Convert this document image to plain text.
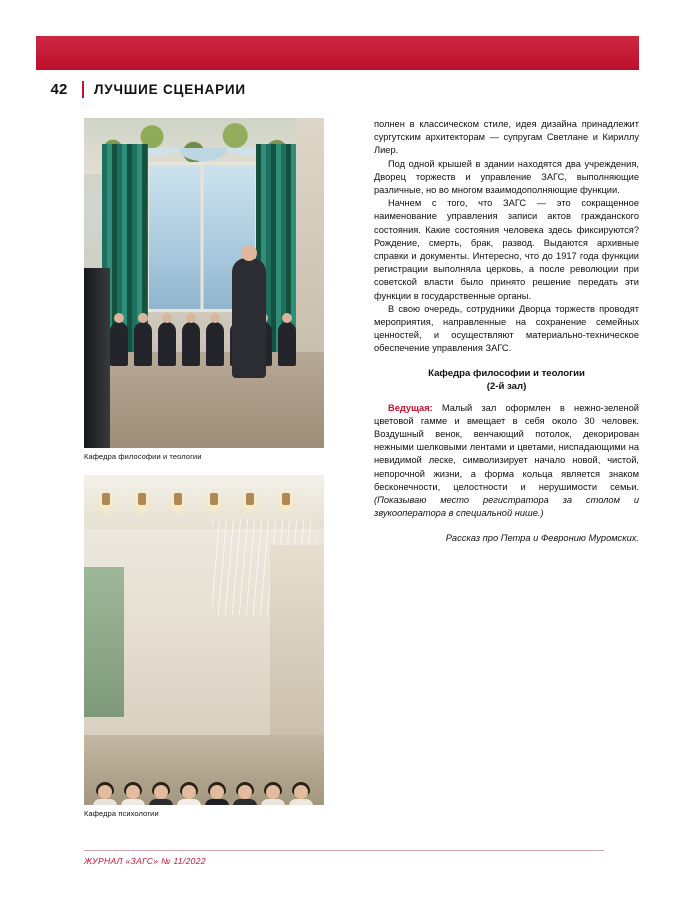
42	ЛУЧШИЕ СЦЕНАРИИ
Кафедра философии и теологии
Кафедра психологии

полнен в классическом стиле, идея дизайна принадлежит сургутским архитекторам — супругам Светлане и Кириллу Лиер.

Под одной крышей в здании находятся два учреждения, Дворец торжеств и управление ЗАГС, выполняющие различные, но во многом взаимодополняющие функции.

Начнем с того, что ЗАГС — это сокращенное наименование управления записи актов гражданского состояния. Какие состояния человека здесь фиксируются? Рождение, смерть, брак, развод. Выдаются архивные справки и документы. Интересно, что до 1917 года функции регистрации выполняла церковь, а после революции при советской власти было принято решение передать эти функции в государственные органы.

В свою очередь, сотрудники Дворца торжеств проводят мероприятия, направленные на сохранение семейных ценностей, и осуществляют материально-техническое обеспечение управления ЗАГС.

Кафедра философии и теологии
(2-й зал)

Ведущая: Малый зал оформлен в нежно-зеленой цветовой гамме и вмещает в себя около 30 человек. Воздушный венок, венчающий потолок, декорирован нежными шелковыми лентами и цветами, ниспадающими на невидимой леске, символизирует начало новой, чистой, непорочной жизни, а форма кольца является знаком бесконечности, целостности и нерушимости семьи. (Показываю место регистратора за столом и звукооператора в специальной нише.)

Рассказ про Петра и Февронию Муромских.

ЖУРНАЛ «ЗАГС» № 11/2022
